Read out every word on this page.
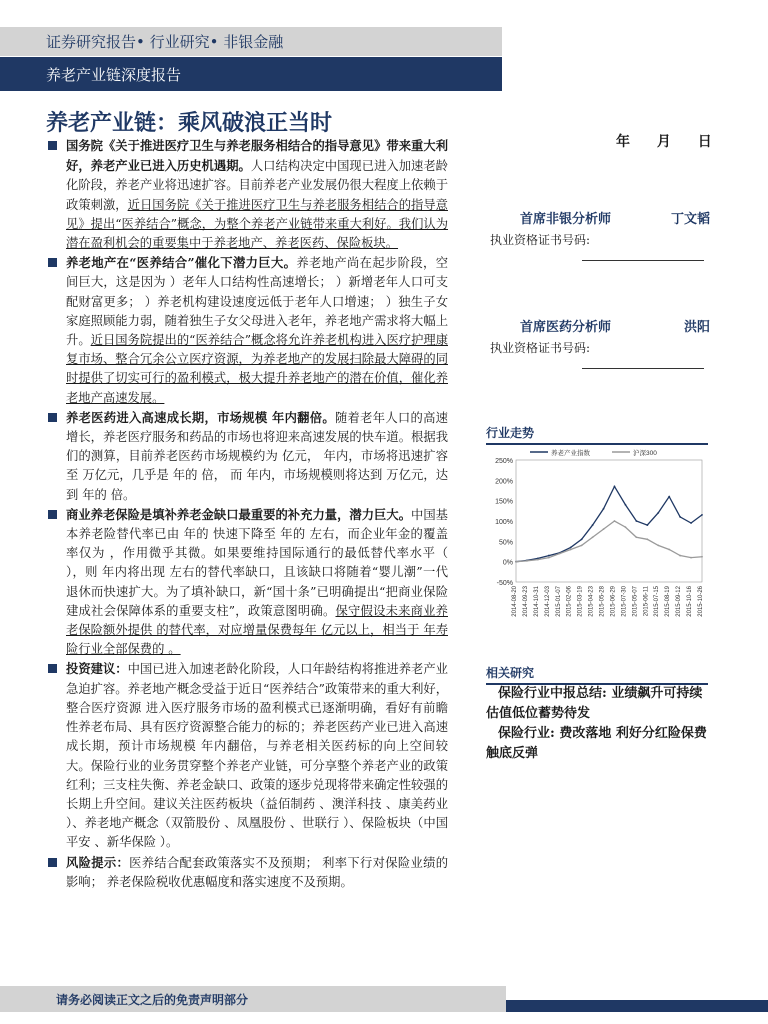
证券研究报告• 行业研究• 非银金融
养老产业链深度报告
养老产业链：乘风破浪正当时
国务院《关于推进医疗卫生与养老服务相结合的指导意见》带来重大利好，养老产业已进入历史机遇期。人口结构决定中国现已进入加速老龄化阶段，养老产业将迅速扩容。目前养老产业发展仍很大程度上依赖于政策刺激，近日国务院《关于推进医疗卫生与养老服务相结合的指导意见》提出“医养结合”概念，为整个养老产业链带来重大利好。我们认为潜在盈利机会的重要集中于养老地产、养老医药、保险板块。
养老地产在“医养结合”催化下潜力巨大。养老地产尚在起步阶段，空间巨大，这是因为 ）老年人口结构性高速增长； ）新增老年人口可支配财富更多； ）养老机构建设速度远低于老年人口增速； ）独生子女家庭照顾能力弱，随着独生子女父母进入老年，养老地产需求将大幅上升。近日国务院提出的“医养结合”概念将允许养老机构进入医疗护理康复市场、整合冗余公立医疗资源，为养老地产的发展扫除最大障碍的同时提供了切实可行的盈利模式，极大提升养老地产的潜在价值，催化养老地产高速发展。
养老医药进入高速成长期，市场规模 年内翻倍。随着老年人口的高速增长，养老医疗服务和药品的市场也将迎来高速发展的快车道。根据我们的测算，目前养老医药市场规模约为 亿元， 年内，市场将迅速扩容至 万亿元，几乎是 年的 倍， 而 年内，市场规模则将达到 万亿元，达到 年的 倍。
商业养老保险是填补养老金缺口最重要的补充力量，潜力巨大。中国基本养老险替代率已由 年的 快速下降至 年的 左右，而企业年金的覆盖率仅为 ，作用微乎其微。如果要维持国际通行的最低替代率水平（ ），则 年内将出现 左右的替代率缺口，且该缺口将随着“婴儿潮”一代退休而快速扩大。为了填补缺口，新“国十条”已明确提出“把商业保险建成社会保障体系的重要支柱”，政策意图明确。保守假设未来商业养老保险额外提供 的替代率，对应增量保费每年 亿元以上，相当于 年寿险行业全部保费的 。
投资建议：中国已进入加速老龄化阶段，人口年龄结构将推进养老产业急迫扩容。养老地产概念受益于近日“医养结合”政策带来的重大利好，整合医疗资源 进入医疗服务市场的盈利模式已逐渐明确，看好有前瞻性养老布局、具有医疗资源整合能力的标的；养老医药产业已进入高速成长期，预计市场规模 年内翻倍，与养老相关医药标的向上空间较大。保险行业的业务贯穿整个养老产业链，可分享整个养老产业的政策红利；三支柱失衡、养老金缺口、政策的逐步兑现将带来确定性较强的长期上升空间。建议关注医药板块（益佰制药 、澳洋科技 、康美药业 ）、养老地产概念（双箭股份 、凤凰股份 、世联行 ）、保险板块（中国平安 、新华保险 ）。
风险提示：医养结合配套政策落实不及预期； 利率下行对保险业绩的影响； 养老保险税收优惠幅度和落实速度不及预期。
年 月 日
首席非银分析师	丁文韬
执业资格证书号码:
首席医药分析师	洪阳
执业资格证书号码:
行业走势
250%
200%
150%
100%
50%
0%
-50%
2014-08-20 2014-09-23 2014-10-31 2014-12-03 2015-01-07 2015-02-06 2015-03-19 2015-04-23 2015-05-28 2015-06-29 2015-07-30 2015-05-07 2015-06-11 2015-07-15 2015-08-19 2015-09-12 2015-10-16 2015-10-26
养老产业指数	沪深300
相关研究
保险行业中报总结: 业绩飙升可持续 估值低位蓄势待发
保险行业: 费改落地 利好分红险保费触底反弹
请务必阅读正文之后的免责声明部分
